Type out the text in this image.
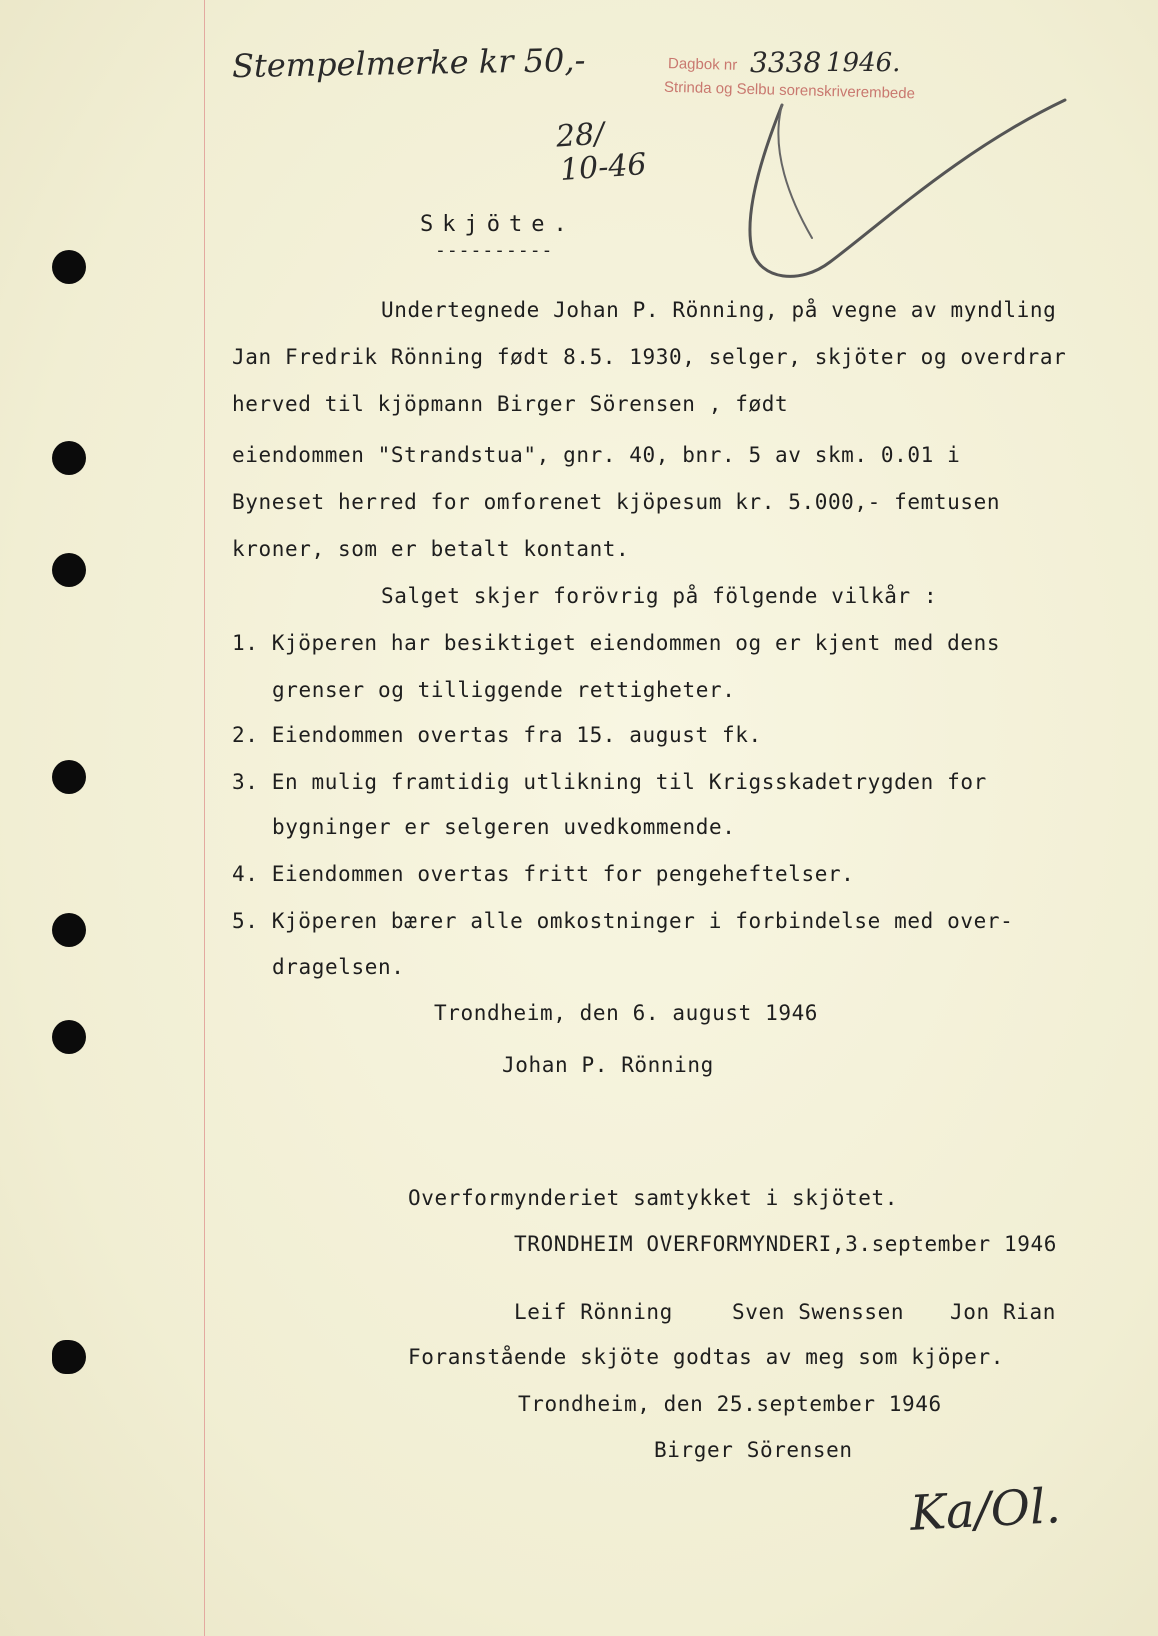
Stempelmerke kr 50,-	Dagbok nr 3338 1946.
Strinda og Selbu sorenskriverembede
28/
10-46
Skjöte.
----------
Undertegnede Johan P. Rönning, på vegne av myndling
Jan Fredrik Rönning født 8.5. 1930, selger, skjöter og overdrar
herved til kjöpmann Birger Sörensen , født
eiendommen "Strandstua", gnr. 40, bnr. 5 av skm. 0.01 i
Byneset herred for omforenet kjöpesum kr. 5.000,- femtusen
kroner, som er betalt kontant.
Salget skjer forövrig på fölgende vilkår :
1. Kjöperen har besiktiget eiendommen og er kjent med dens
grenser og tilliggende rettigheter.
2. Eiendommen overtas fra 15. august fk.
3. En mulig framtidig utlikning til Krigsskadetrygden for
bygninger er selgeren uvedkommende.
4. Eiendommen overtas fritt for pengeheftelser.
5. Kjöperen bærer alle omkostninger i forbindelse med over-
dragelsen.
Trondheim, den 6. august 1946
Johan P. Rönning
Overformynderiet samtykket i skjötet.
TRONDHEIM OVERFORMYNDERI,3.september 1946
Leif Rönning	Sven Swenssen Jon Rian
Foranstående skjöte godtas av meg som kjöper.
Trondheim, den 25.september 1946
Birger Sörensen
Ka/Ol.
